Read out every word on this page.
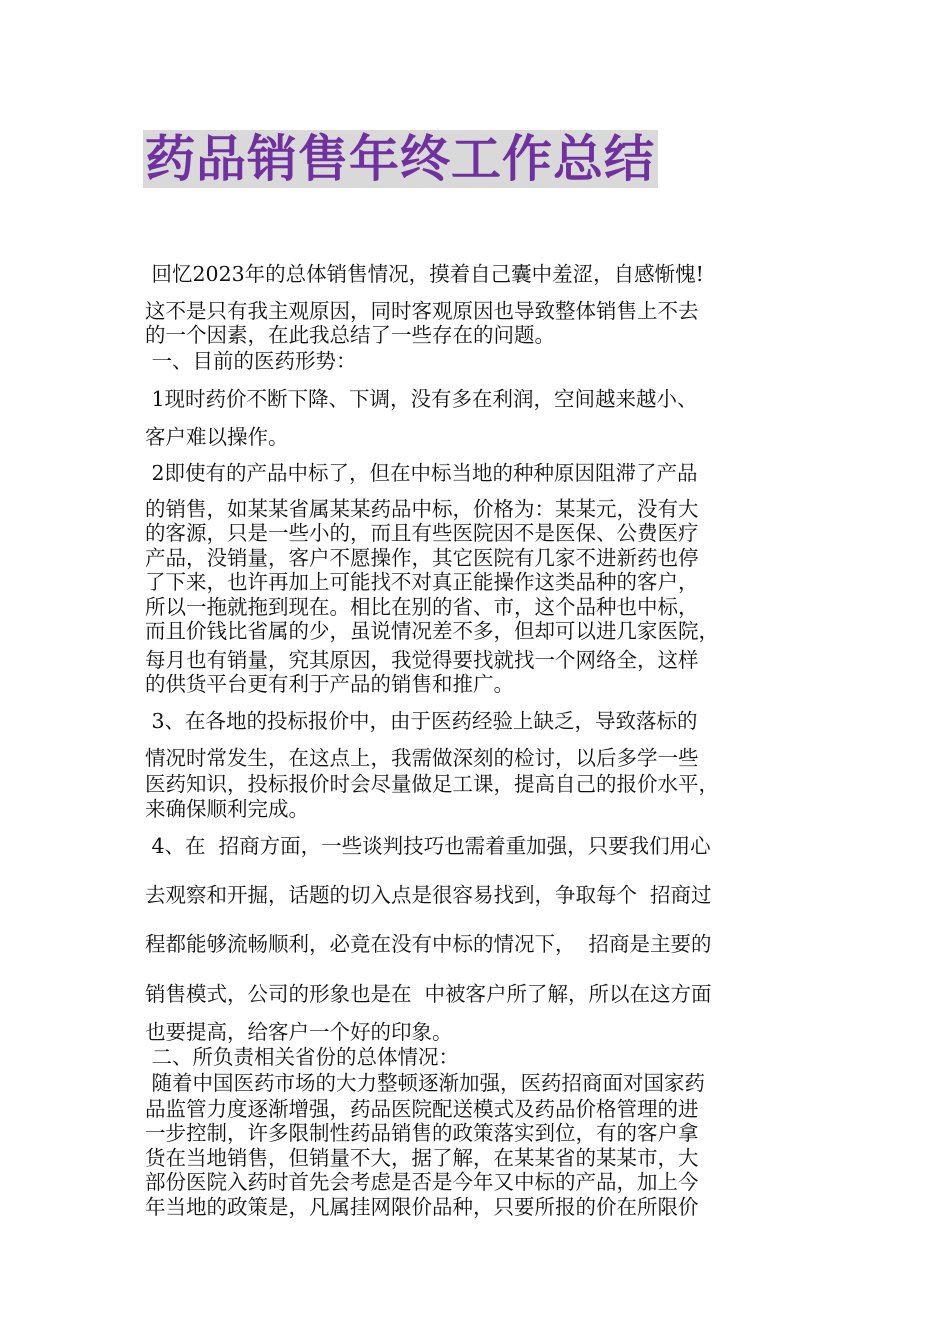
药品销售年终工作总结
回忆2023年的总体销售情况，摸着自己囊中羞涩，自感惭愧!
这不是只有我主观原因，同时客观原因也导致整体销售上不去
的一个因素，在此我总结了一些存在的问题。
一、目前的医药形势：
1现时药价不断下降、下调，没有多在利润，空间越来越小、
客户难以操作。
2即使有的产品中标了，但在中标当地的种种原因阻滞了产品
的销售，如某某省属某某药品中标，价格为：某某元，没有大
的客源，只是一些小的，而且有些医院因不是医保、公费医疗
产品，没销量，客户不愿操作，其它医院有几家不进新药也停
了下来，也许再加上可能找不对真正能操作这类品种的客户，
所以一拖就拖到现在。相比在别的省、市，这个品种也中标，
而且价钱比省属的少，虽说情况差不多，但却可以进几家医院，
每月也有销量，究其原因，我觉得要找就找一个网络全，这样
的供货平台更有利于产品的销售和推广。
3、在各地的投标报价中，由于医药经验上缺乏，导致落标的
情况时常发生，在这点上，我需做深刻的检讨，以后多学一些
医药知识，投标报价时会尽量做足工课，提高自己的报价水平，
来确保顺利完成。
4、在  招商方面，一些谈判技巧也需着重加强，只要我们用心
去观察和开掘，话题的切入点是很容易找到，争取每个  招商过
程都能够流畅顺利，必竟在没有中标的情况下，  招商是主要的
销售模式，公司的形象也是在  中被客户所了解，所以在这方面
也要提高，给客户一个好的印象。
二、所负责相关省份的总体情况：
随着中国医药市场的大力整顿逐渐加强，医药招商面对国家药
品监管力度逐渐增强，药品医院配送模式及药品价格管理的进
一步控制，许多限制性药品销售的政策落实到位，有的客户拿
货在当地销售，但销量不大，据了解，在某某省的某某市，大
部份医院入药时首先会考虑是否是今年又中标的产品，加上今
年当地的政策是，凡属挂网限价品种，只要所报的价在所限价
